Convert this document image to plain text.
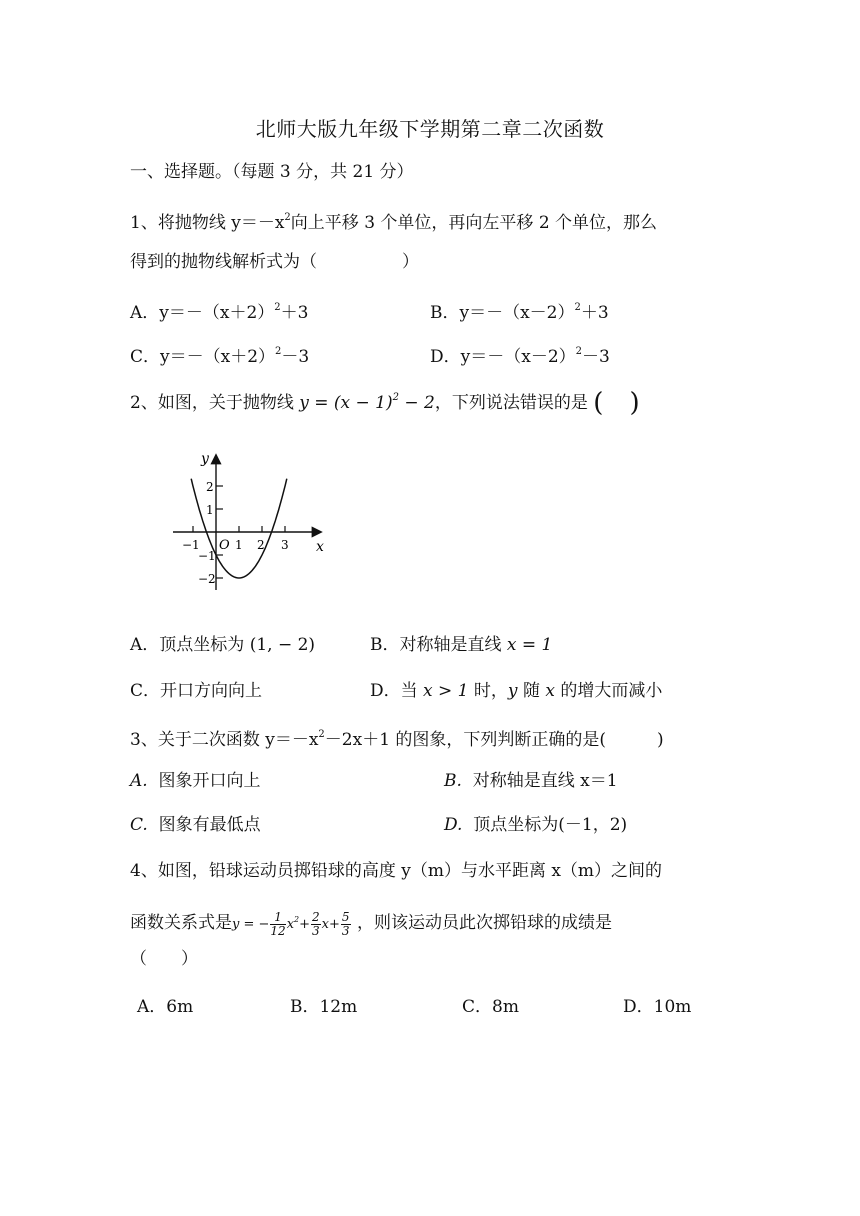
北师大版九年级下学期第二章二次函数
一、选择题。（每题 3 分，共 21 分）
1、将抛物线 $y=-x^2$向上平移 3 个单位，再向左平移 2 个单位，那么
得到的抛物线解析式为（　　　　　）
A．$y=-(x+2)^2+3$	B．$y=-(x-2)^2+3$
C．$y=-(x+2)^2-3$	D．$y=-(x-2)^2-3$
2、如图，关于抛物线 $y = (x - 1)^2 - 2$，下列说法错误的是 ( )
y
x
O
−1	1 2 3
2
1
−1
−2
A．顶点坐标为 (1, − 2)	B．对称轴是直线 x = 1
C．开口方向向上	D．当 x > 1 时，y 随 x 的增大而减小
3、关于二次函数 $y=-x^2-2x+1$ 的图象，下列判断正确的是(　　　)
A. 图象开口向上	B. 对称轴是直线 x＝1
C. 图象有最低点	D. 顶点坐标为(－1，2)
4、如图，铅球运动员掷铅球的高度 y（m）与水平距离 x（m）之间的
函数关系式是y = − $\frac{1}{12} x^2+ \frac{2}{3} x+ \frac{5}{3}$ ，则该运动员此次掷铅球的成绩是
（　　）
A．6m	B．12m	C．8m	D．10m
